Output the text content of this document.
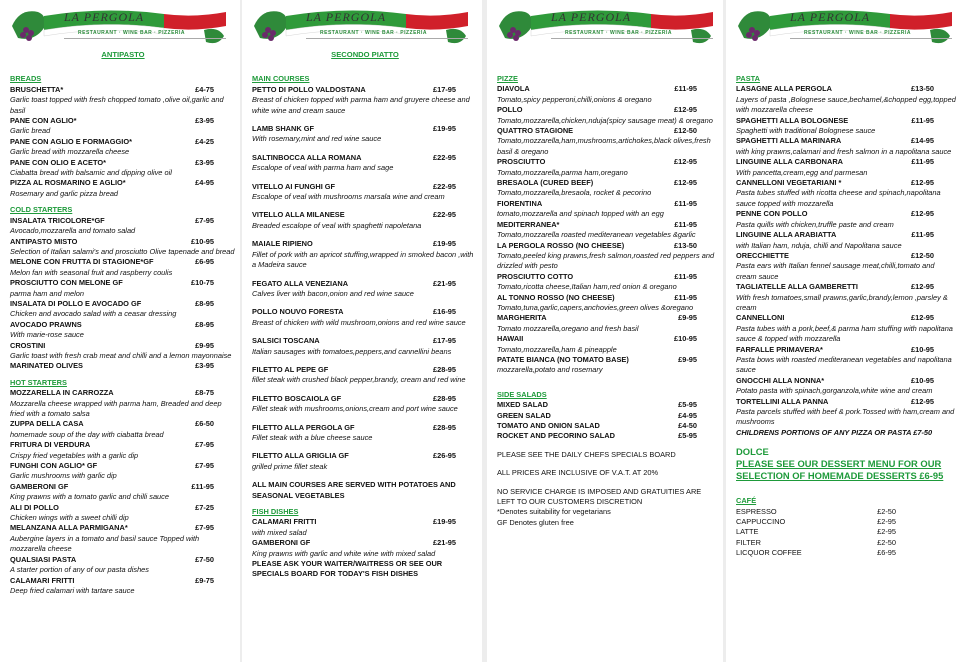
LA PERGOLA
RESTAURANT · WINE BAR · PIZZERIA
ANTIPASTO
BREADS
BRUSCHETTA*	£4-75
Garlic toast topped with fresh chopped tomato ,olive oil,garlic and basil
PANE CON AGLIO*	£3-95
Garlic bread
PANE CON AGLIO E FORMAGGIO*	£4-25
Garlic bread with mozzarella cheese
PANE CON OLIO E ACETO*	£3-95
Ciabatta bread with balsamic and dipping olive oil
PIZZA AL ROSMARINO E AGLIO*	£4-95
Rosemary and garlic pizza bread
COLD STARTERS
INSALATA TRICOLORE*GF	£7-95
Avocado,mozzarella and tomato salad
ANTIPASTO MISTO	£10-95
Selection of Italian salami's and prosciutto Olive tapenade and bread
MELONE CON FRUTTA DI STAGIONE*GF	£6-95
Melon fan with seasonal fruit and raspberry coulis
PROSCIUTTO CON MELONE GF	£10-75
parma ham and melon
INSALATA DI POLLO E AVOCADO GF	£8-95
Chicken and avocado salad with a ceasar dressing
AVOCADO PRAWNS	£8-95
With marie-rose sauce
CROSTINI	£9-95
Garlic toast with fresh crab meat and chilli and a lemon mayonnaise
MARINATED OLIVES	£3-95
HOT STARTERS
MOZZARELLA IN CARROZZA	£8-75
Mozzarella cheese wrapped with parma ham, Breaded and deep fried with a tomato salsa
ZUPPA DELLA CASA	£6-50
homemade soup of the day with ciabatta bread
FRITURA DI VERDURA	£7-95
Crispy fried vegetables with a garlic dip
FUNGHI CON AGLIO* GF	£7-95
Garlic mushrooms with garlic dip
GAMBERONI GF	£11-95
King prawns with a tomato garlic and chilli sauce
ALI DI POLLO	£7-25
Chicken wings with a sweet chilli dip
MELANZANA ALLA PARMIGANA*	£7-95
Aubergine layers in a tomato and basil sauce Topped with mozzarella cheese
QUALSIASI PASTA	£7-50
A starter portion of any of our pasta dishes
CALAMARI FRITTI	£9-75
Deep fried calamari with tartare sauce
LA PERGOLA
RESTAURANT · WINE BAR · PIZZERIA
SECONDO PIATTO
MAIN COURSES
PETTO DI POLLO VALDOSTANA	£17-95
Breast of chicken topped with parma ham and gruyere cheese and white wine and cream sauce
LAMB SHANK GF	£19-95
With rosemary,mint and red wine sauce
SALTINBOCCA ALLA ROMANA	£22-95
Escalope of veal with parma ham and sage
VITELLO AI FUNGHI GF	£22-95
Escalope of veal with mushrooms marsala wine and cream
VITELLO ALLA MILANESE	£22-95
Breaded escalope of veal with spaghetti napoletana
MAIALE RIPIENO	£19-95
Fillet of pork with an apricot stuffing,wrapped in smoked bacon ,with a Madeira sauce
FEGATO ALLA VENEZIANA	£21-95
Calves liver with bacon,onion and red wine sauce
POLLO NOUVO FORESTA	£16-95
Breast of chicken with wild mushroom,onions and red wine sauce
SALSICI TOSCANA	£17-95
Italian sausages with tomatoes,peppers,and cannellini beans
FILETTO AL PEPE GF	£28-95
fillet steak with crushed black pepper,brandy, cream and red wine
FILETTO BOSCAIOLA GF	£28-95
Fillet steak with mushrooms,onions,cream and port wine sauce
FILETTO ALLA PERGOLA GF	£28-95
Fillet steak with a blue cheese sauce
FILETTO ALLA GRIGLIA GF	£26-95
grilled prime fillet steak
ALL MAIN COURSES ARE SERVED WITH POTATOES AND SEASONAL VEGETABLES
FISH DISHES
CALAMARI FRITTI	£19-95
with mixed salad
GAMBERONI GF	£21-95
King prawns with garlic and white wine with mixed salad
PLEASE ASK YOUR WAITER/WAITRESS OR SEE OUR SPECIALS BOARD FOR TODAY'S FISH DISHES
LA PERGOLA
RESTAURANT · WINE BAR · PIZZERIA
PIZZE
DIAVOLA	£11-95
Tomato,spicy pepperoni,chilli,onions & oregano
POLLO	£12-95
Tomato,mozzarella,chicken,nduja(spicy sausage meat) & oregano
QUATTRO STAGIONE	£12-50
Tomato,mozzarella,ham,mushrooms,artichokes,black olives,fresh basil & oregano
PROSCIUTTO	£12-95
Tomato,mozzarella,parma ham,oregano
BRESAOLA (CURED BEEF)	£12-95
Tomato,mozzarella,bresaola, rocket & pecorino
FIORENTINA	£11-95
tomato,mozzarella and spinach topped with an egg
MEDITERRANEA*	£11-95
Tomato,mozzarella roasted mediteranean vegetables &garlic
LA PERGOLA ROSSO (NO CHEESE)	£13-50
Tomato,peeled king prawns,fresh salmon,roasted red peppers and drizzled with pesto
PROSCIUTTO COTTO	£11-95
Tomato,ricotta cheese,Italian ham,red onion & oregano
AL TONNO ROSSO (NO CHEESE)	£11-95
Tomato,tuna,garlic,capers,anchovies,green olives &oregano
MARGHERITA	£9-95
Tomato mozzarella,oregano and fresh basil
HAWAII	£10-95
Tomato,mozzarella,ham & pineapple
PATATE BIANCA (NO TOMATO BASE)	£9-95
mozzarella,potato and rosemary
SIDE SALADS
MIXED SALAD	£5-95
GREEN SALAD	£4-95
TOMATO AND ONION SALAD	£4-50
ROCKET AND PECORINO SALAD	£5-95
PLEASE SEE THE DAILY CHEFS SPECIALS BOARD
ALL PRICES ARE INCLUSIVE OF V.A.T. AT 20%
NO SERVICE CHARGE IS IMPOSED AND GRATUITIES ARE LEFT TO OUR CUSTOMERS DISCRETION
*Denotes suitability for vegetarians
GF Denotes gluten free
LA PERGOLA
RESTAURANT · WINE BAR · PIZZERIA
PASTA
LASAGNE ALLA PERGOLA	£13-50
Layers of pasta ,Bolognese sauce,bechamel,&chopped egg,topped with mozzarella cheese
SPAGHETTI ALLA BOLOGNESE	£11-95
Spaghetti with traditional Bolognese sauce
SPAGHETTI ALLA MARINARA	£14-95
with king prawns,calamari and fresh salmon in a napolitana sauce
LINGUINE ALLA CARBONARA	£11-95
With pancetta,cream,egg and parmesan
CANNELLONI VEGETARIANI *	£12-95
Pasta tubes stuffed with ricotta cheese and spinach,napolitana sauce topped with mozzarella
PENNE CON POLLO	£12-95
Pasta quills with chicken,truffle paste and cream
LINGUINE ALLA ARABIATTA	£11-95
with Italian ham, nduja, chilli and Napolitana sauce
ORECCHIETTE	£12-50
Pasta ears with Italian fennel sausage meat,chilli,tomato and cream sauce
TAGLIATELLE ALLA GAMBERETTI	£12-95
With fresh tomatoes,small prawns,garlic,brandy,lemon ,parsley & cream
CANNELLONI	£12-95
Pasta tubes with a pork,beef,& parma ham stuffing with napolitana sauce & topped with mozzarella
FARFALLE PRIMAVERA*	£10-95
Pasta bows with roasted mediteranean vegetables and napolitana sauce
GNOCCHI ALLA NONNA*	£10-95
Potato pasta with spinach,gorganzola,white wine and cream
TORTELLINI ALLA PANNA	£12-95
Pasta parcels stuffed with beef & pork.Tossed with ham,cream and mushrooms
CHILDRENS PORTIONS OF ANY PIZZA OR PASTA £7-50
DOLCE
PLEASE SEE OUR DESSERT MENU FOR OUR SELECTION OF HOMEMADE DESSERTS £6-95
CAFÉ
ESPRESSO	£2-50
CAPPUCCINO	£2-95
LATTE	£2-95
FILTER	£2-50
LICQUOR COFFEE	£6-95
